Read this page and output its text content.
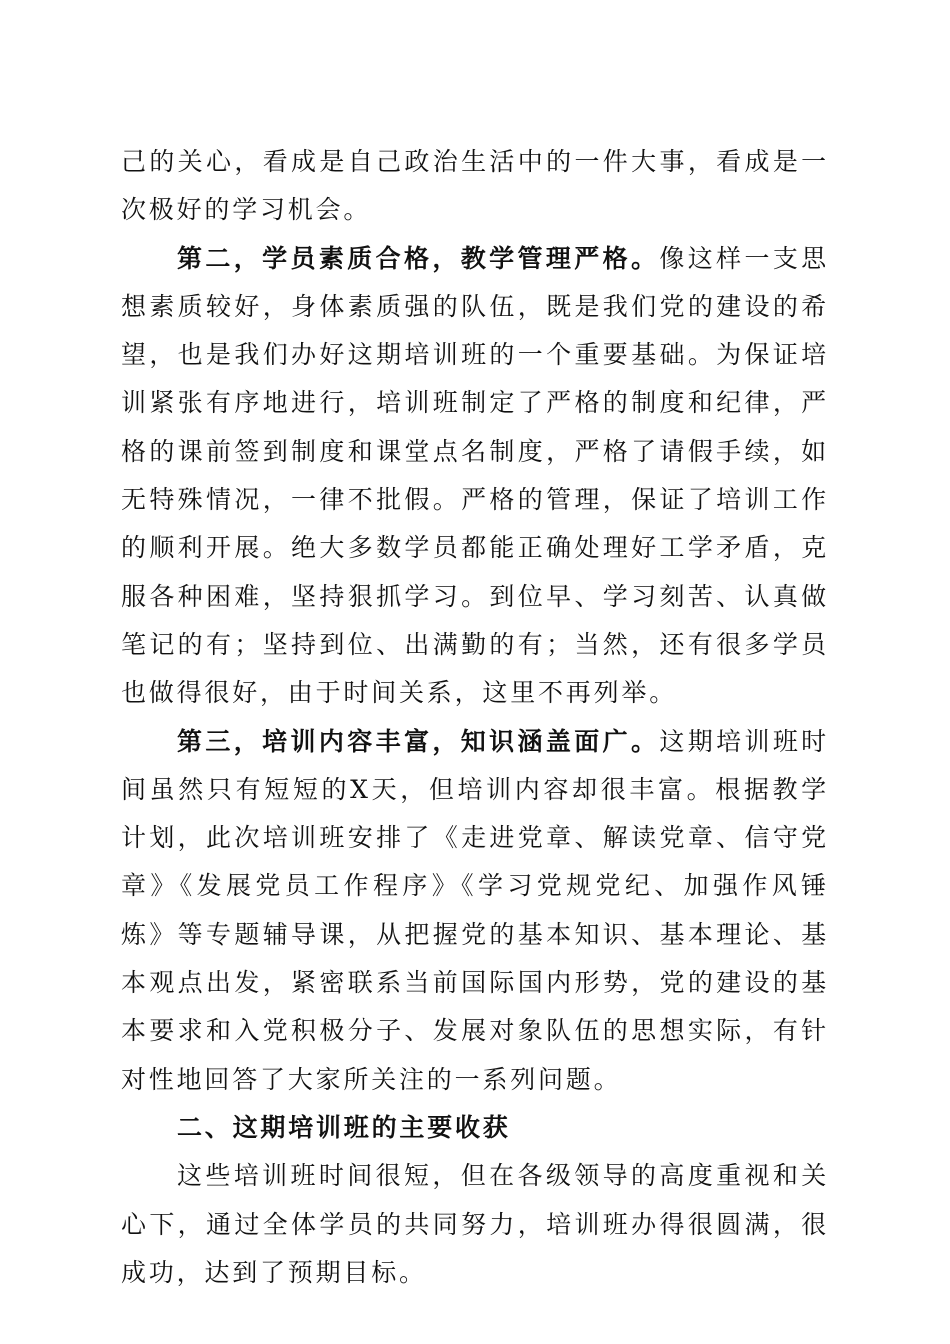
己的关心，看成是自己政治生活中的一件大事，看成是一次极好的学习机会。

第二，学员素质合格，教学管理严格。像这样一支思想素质较好，身体素质强的队伍，既是我们党的建设的希望，也是我们办好这期培训班的一个重要基础。为保证培训紧张有序地进行，培训班制定了严格的制度和纪律，严格的课前签到制度和课堂点名制度，严格了请假手续，如无特殊情况，一律不批假。严格的管理，保证了培训工作的顺利开展。绝大多数学员都能正确处理好工学矛盾，克服各种困难，坚持狠抓学习。到位早、学习刻苦、认真做笔记的有；坚持到位、出满勤的有；当然，还有很多学员也做得很好，由于时间关系，这里不再列举。

第三，培训内容丰富，知识涵盖面广。这期培训班时间虽然只有短短的X天，但培训内容却很丰富。根据教学计划，此次培训班安排了《走进党章、解读党章、信守党章》《发展党员工作程序》《学习党规党纪、加强作风锤炼》等专题辅导课，从把握党的基本知识、基本理论、基本观点出发，紧密联系当前国际国内形势，党的建设的基本要求和入党积极分子、发展对象队伍的思想实际，有针对性地回答了大家所关注的一系列问题。

二、这期培训班的主要收获

这些培训班时间很短，但在各级领导的高度重视和关心下，通过全体学员的共同努力，培训班办得很圆满，很成功，达到了预期目标。
